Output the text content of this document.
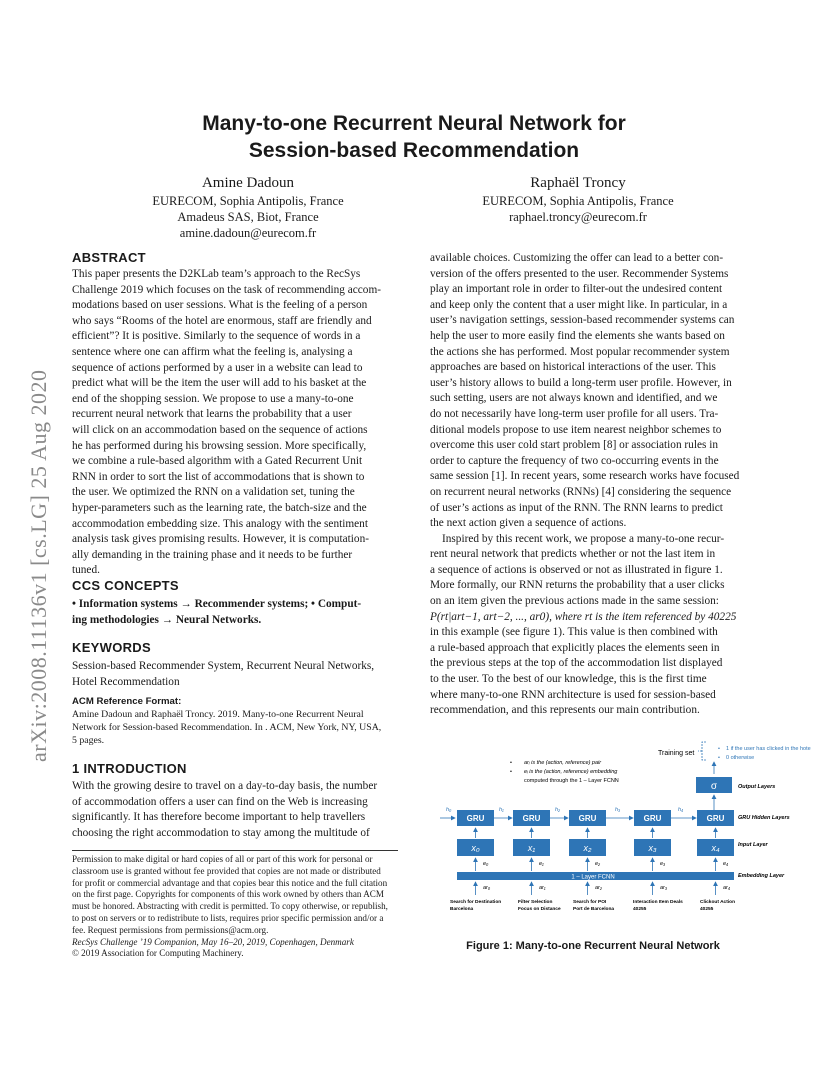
arXiv:2008.11136v1 [cs.LG] 25 Aug 2020
Many-to-one Recurrent Neural Network for
Session-based Recommendation
Amine Dadoun
EURECOM, Sophia Antipolis, France
Amadeus SAS, Biot, France
amine.dadoun@eurecom.fr
Raphaël Troncy
EURECOM, Sophia Antipolis, France
raphael.troncy@eurecom.fr
ABSTRACT
This paper presents the D2KLab team’s approach to the RecSys
Challenge 2019 which focuses on the task of recommending accom-
modations based on user sessions. What is the feeling of a person
who says “Rooms of the hotel are enormous, staff are friendly and
efficient”? It is positive. Similarly to the sequence of words in a
sentence where one can affirm what the feeling is, analysing a
sequence of actions performed by a user in a website can lead to
predict what will be the item the user will add to his basket at the
end of the shopping session. We propose to use a many-to-one
recurrent neural network that learns the probability that a user
will click on an accommodation based on the sequence of actions
he has performed during his browsing session. More specifically,
we combine a rule-based algorithm with a Gated Recurrent Unit
RNN in order to sort the list of accommodations that is shown to
the user. We optimized the RNN on a validation set, tuning the
hyper-parameters such as the learning rate, the batch-size and the
accommodation embedding size. This analogy with the sentiment
analysis task gives promising results. However, it is computation-
ally demanding in the training phase and it needs to be further
tuned.
CCS CONCEPTS
• Information systems → Recommender systems; • Comput-
ing methodologies → Neural Networks.
KEYWORDS
Session-based Recommender System, Recurrent Neural Networks,
Hotel Recommendation
ACM Reference Format:
Amine Dadoun and Raphaël Troncy. 2019. Many-to-one Recurrent Neural
Network for Session-based Recommendation. In . ACM, New York, NY, USA,
5 pages.
1 INTRODUCTION
With the growing desire to travel on a day-to-day basis, the number
of accommodation offers a user can find on the Web is increasing
significantly. It has therefore become important to help travellers
choosing the right accommodation to stay among the multitude of
Permission to make digital or hard copies of all or part of this work for personal or
classroom use is granted without fee provided that copies are not made or distributed
for profit or commercial advantage and that copies bear this notice and the full citation
on the first page. Copyrights for components of this work owned by others than ACM
must be honored. Abstracting with credit is permitted. To copy otherwise, or republish,
to post on servers or to redistribute to lists, requires prior specific permission and/or a
fee. Request permissions from permissions@acm.org.
RecSys Challenge ’19 Companion, May 16–20, 2019, Copenhagen, Denmark
© 2019 Association for Computing Machinery.
available choices. Customizing the offer can lead to a better con-
version of the offers presented to the user. Recommender Systems
play an important role in order to filter-out the undesired content
and keep only the content that a user might like. In particular, in a
user’s navigation settings, session-based recommender systems can
help the user to more easily find the elements she wants based on
the actions she has performed. Most popular recommender system
approaches are based on historical interactions of the user. This
user’s history allows to build a long-term user profile. However, in
such setting, users are not always known and identified, and we
do not necessarily have long-term user profile for all users. Tra-
ditional models propose to use item nearest neighbor schemes to
overcome this user cold start problem [8] or association rules in
order to capture the frequency of two co-occurring events in the
same session [1]. In recent years, some research works have focused
on recurrent neural networks (RNNs) [4] considering the sequence
of user’s actions as input of the RNN. The RNN learns to predict
the next action given a sequence of actions.
Inspired by this recent work, we propose a many-to-one recur-
rent neural network that predicts whether or not the last item in
a sequence of actions is observed or not as illustrated in figure 1.
More formally, our RNN returns the probability that a user clicks
on an item given the previous actions made in the same session:
P(rt|art−1, art−2, ..., ar0), where rt is the item referenced by 40225
in this example (see figure 1). This value is then combined with
a rule-based approach that explicitly places the elements seen in
the previous steps at the top of the accommodation list displayed
to the user. To the best of our knowledge, this is the first time
where many-to-one RNN architecture is used for session-based
recommendation, and this represents our main contribution.
• arᵢ is the (action, reference) pair
• eᵢ is the (action, reference) embedding
computed through the 1 – Layer FCNN
Training set
• 1 if the user has clicked in the hote
• 0 otherwise
σ	Output Layers
GRU Hidden Layers
Input Layer
Embedding Layer
h₀	h₁	h₂	h₃	h₄
GRU	GRU	GRU	GRU	GRU
x₀	x₁	x₂	x₃	x₄
e₀	e₁	e₂	e₃	e₄
1 – Layer FCNN
ar₀	ar₁	ar₂	ar₃	ar₄
Search for Destination
Barcelona
Filter Selection
Focus on Distance
Search for POI
Port de Barcelona
Interaction Item Deals
40255
Clickout Action
40255
Figure 1: Many-to-one Recurrent Neural Network
